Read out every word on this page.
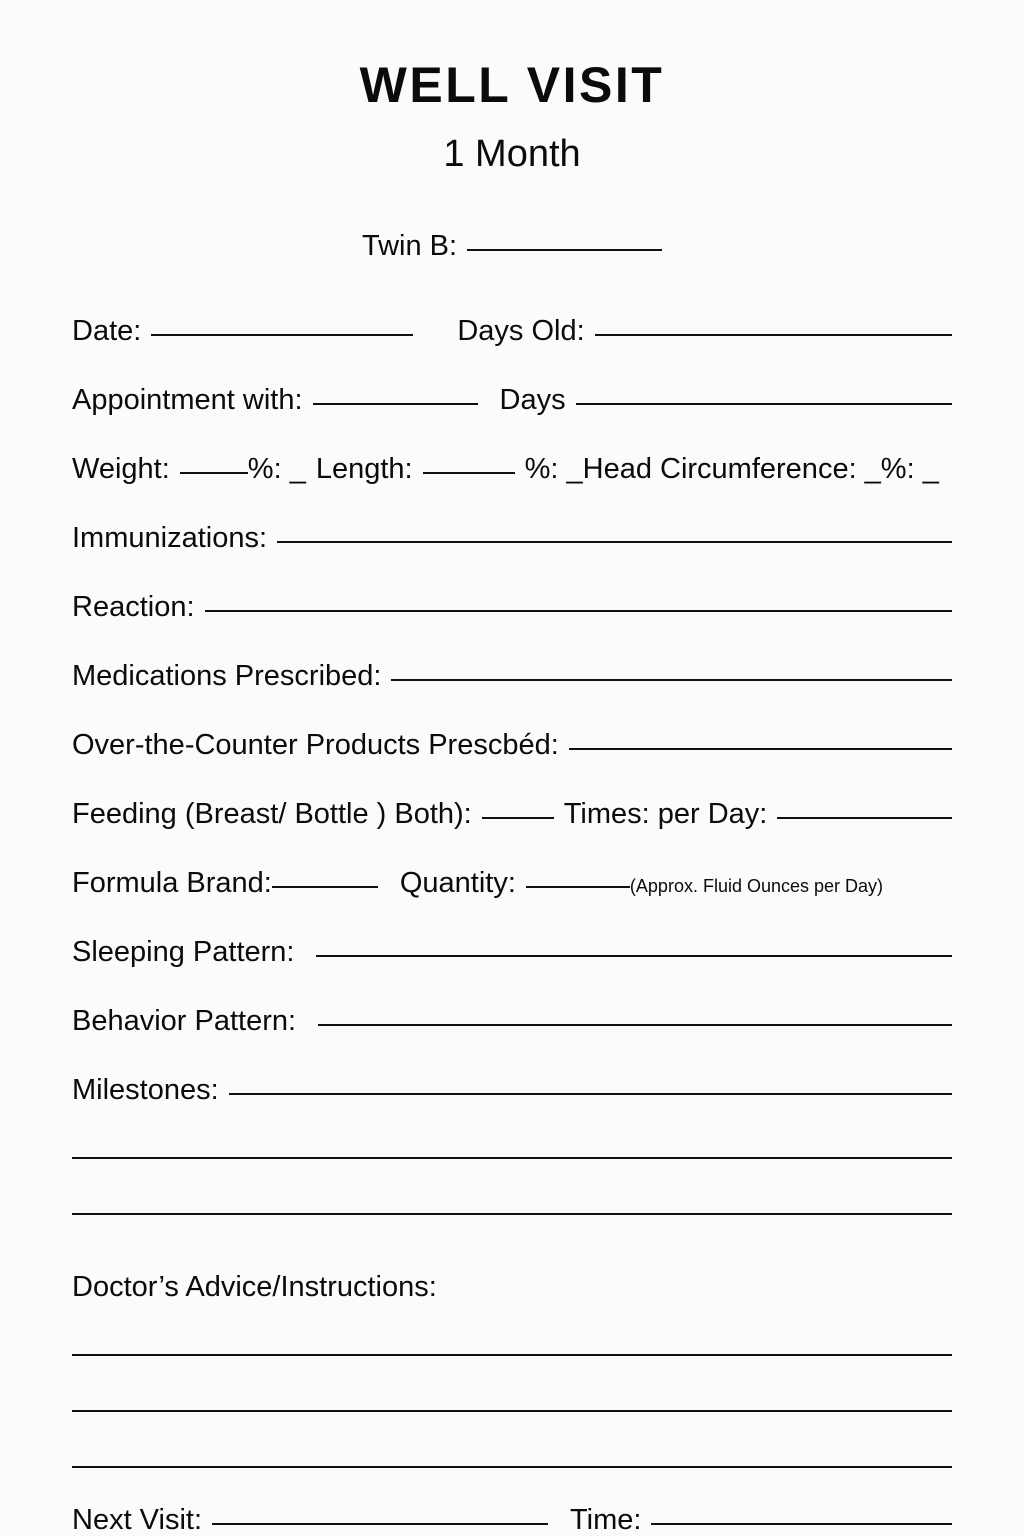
WELL VISIT
1 Month
Twin B:
Date:	Days Old:
Appointment with:	Days
Weight:	%: _ Length:	%: _ Head Circumference: _%: _
Immunizations:
Reaction:
Medications Prescribed:
Over-the-Counter Products Prescbéd:
Feeding (Breast/ Bottle ) Both):	Times: per Day:
Formula Brand:	Quantity:	(Approx. Fluid Ounces per Day)
Sleeping Pattern:
Behavior Pattern:
Milestones:
Doctor’s Advice/Instructions:
Next Visit:	Time:
